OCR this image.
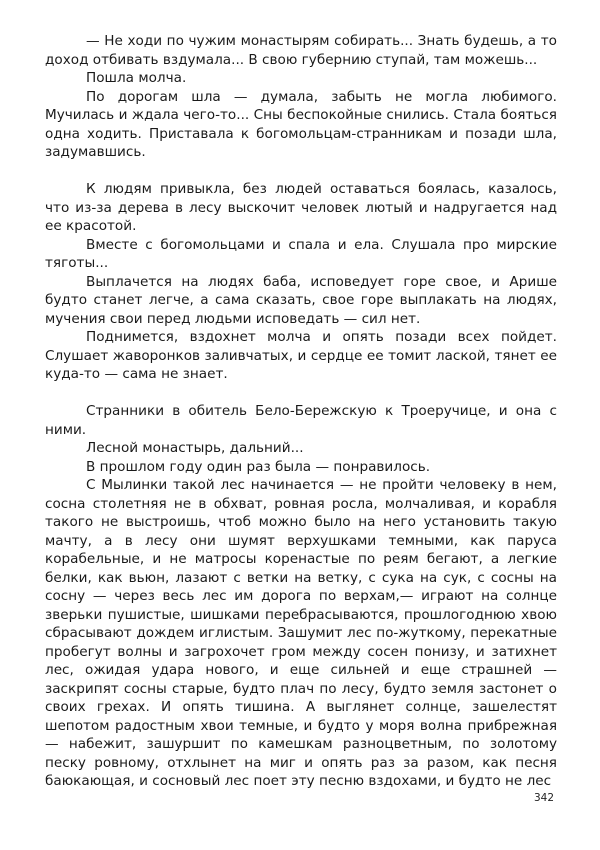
— Не ходи по чужим монастырям собирать... Знать будешь, а то доход отбивать вздумала... В свою губернию ступай, там можешь...

Пошла молча.

По дорогам шла — думала, забыть не могла любимого. Мучилась и ждала чего-то... Сны беспокойные снились. Стала бояться одна ходить. Приставала к богомольцам-странникам и позади шла, задумавшись.

К людям привыкла, без людей оставаться боялась, казалось, что из-за дерева в лесу выскочит человек лютый и надругается над ее красотой.

Вместе с богомольцами и спала и ела. Слушала про мирские тяготы...

Выплачется на людях баба, исповедует горе свое, и Арише будто станет легче, а сама сказать, свое горе выплакать на людях, мучения свои перед людьми исповедать — сил нет.

Поднимется, вздохнет молча и опять позади всех пойдет. Слушает жаворонков заливчатых, и сердце ее томит лаской, тянет ее куда-то — сама не знает.

Странники в обитель Бело-Бережскую к Троеручице, и она с ними.

Лесной монастырь, дальний...

В прошлом году один раз была — понравилось.

С Мылинки такой лес начинается — не пройти человеку в нем, сосна столетняя не в обхват, ровная росла, молчаливая, и корабля такого не выстроишь, чтоб можно было на него установить такую мачту, а в лесу они шумят верхушками темными, как паруса корабельные, и не матросы коренастые по реям бегают, а легкие белки, как вьюн, лазают с ветки на ветку, с сука на сук, с сосны на сосну — через весь лес им дорога по верхам,— играют на солнце зверьки пушистые, шишками перебрасываются, прошлогоднюю хвою сбрасывают дождем иглистым. Зашумит лес по-жуткому, перекатные пробегут волны и загрохочет гром между сосен понизу, и затихнет лес, ожидая удара нового, и еще сильней и еще страшней — заскрипят сосны старые, будто плач по лесу, будто земля застонет о своих грехах. И опять тишина. А выглянет солнце, зашелестят шепотом радостным хвои темные, и будто у моря волна прибрежная — набежит, зашуршит по камешкам разноцветным, по золотому песку ровному, отхлынет на миг и опять раз за разом, как песня баюкающая, и сосновый лес поет эту песню вздохами, и будто не лес

342
